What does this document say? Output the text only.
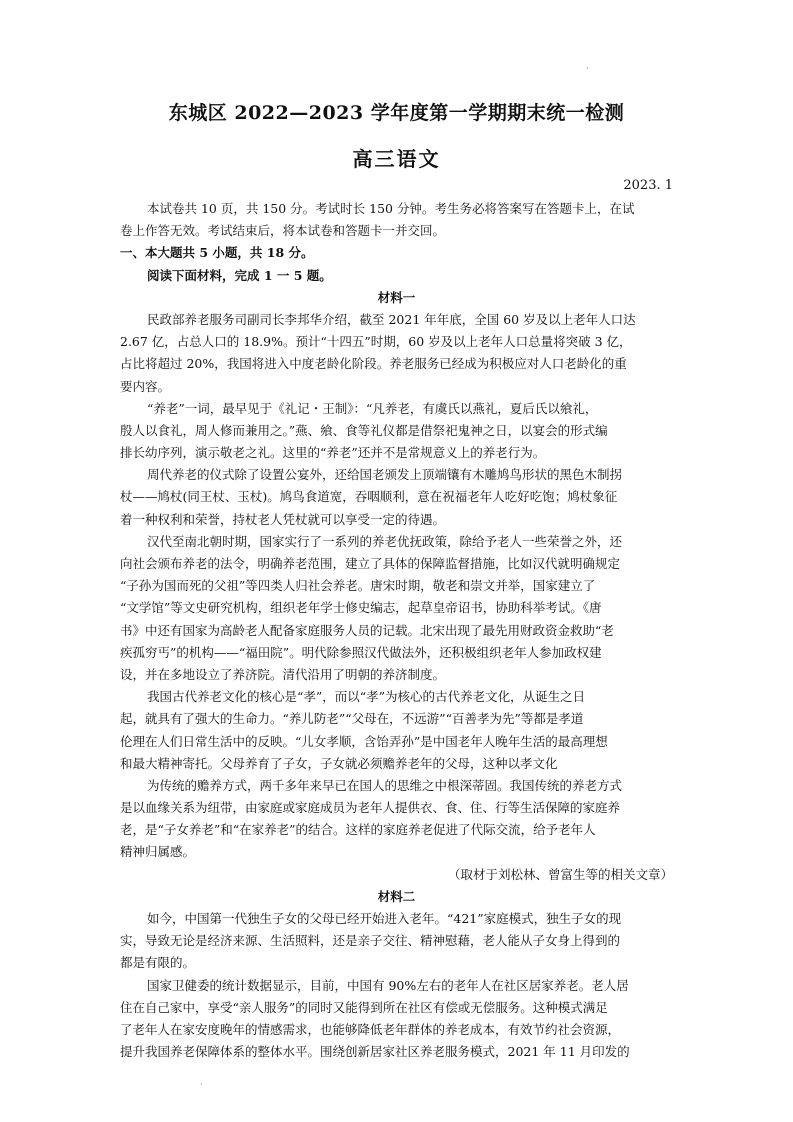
·
·
东城区 2022—2023 学年度第一学期期末统一检测
高三语文
2023. 1
本试卷共 10 页，共 150 分。考试时长 150 分钟。考生务必将答案写在答题卡上，在试
卷上作答无效。考试结束后，将本试卷和答题卡一并交回。
一、本大题共 5 小题，共 18 分。
阅读下面材料，完成 1 一 5 题。
材料一
民政部养老服务司副司长李邦华介绍，截至 2021 年年底，全国 60 岁及以上老年人口达
2.67 亿，占总人口的 18.9%。预计“十四五”时期，60 岁及以上老年人口总量将突破 3 亿，
占比将超过 20%，我国将进入中度老龄化阶段。养老服务已经成为积极应对人口老龄化的重
要内容。
“养老”一词，最早见于《礼记・王制》：“凡养老，有虞氏以燕礼，夏后氏以飨礼，
殷人以食礼，周人修而兼用之。”燕、飨、食等礼仪都是借祭祀鬼神之日，以宴会的形式编
排长幼序列，演示敬老之礼。这里的“养老”还并不是常规意义上的养老行为。
周代养老的仪式除了设置公宴外，还给国老颁发上顶端镶有木雕鸠鸟形状的黑色木制拐
杖——鸠杖(同王杖、玉杖)。鸠鸟食道宽，吞咽顺利，意在祝福老年人吃好吃饱；鸠杖象征
着一种权利和荣誉，持杖老人凭杖就可以享受一定的待遇。
汉代至南北朝时期，国家实行了一系列的养老优抚政策，除给予老人一些荣誉之外，还
向社会颁布养老的法令，明确养老范围，建立了具体的保障监督措施，比如汉代就明确规定
“子孙为国而死的父祖”等四类人归社会养老。唐宋时期，敬老和崇文并举，国家建立了
“文学馆”等文史研究机构，组织老年学士修史编志，起草皇帝诏书，协助科举考试。《唐
书》中还有国家为高龄老人配备家庭服务人员的记载。北宋出现了最先用财政资金救助“老
疾孤穷丐”的机构——“福田院”。明代除参照汉代做法外，还积极组织老年人参加政权建
设，并在多地设立了养济院。清代沿用了明朝的养济制度。
我国古代养老文化的核心是“孝”，而以“孝”为核心的古代养老文化，从诞生之日
起，就具有了强大的生命力。“养儿防老”“父母在，不远游”“百善孝为先”等都是孝道
伦理在人们日常生活中的反映。“儿女孝顺，含饴弄孙”是中国老年人晚年生活的最高理想
和最大精神寄托。父母养育了子女，子女就必须赡养老年的父母，这种以孝文化
为传统的赡养方式，两千多年来早已在国人的思维之中根深蒂固。我国传统的养老方式
是以血缘关系为纽带，由家庭或家庭成员为老年人提供衣、食、住、行等生活保障的家庭养
老，是“子女养老”和“在家养老”的结合。这样的家庭养老促进了代际交流，给予老年人
精神归属感。
（取材于刘松林、曾富生等的相关文章）
材料二
如今，中国第一代独生子女的父母已经开始进入老年。“421”家庭模式，独生子女的现
实，导致无论是经济来源、生活照料，还是亲子交往、精神慰藉，老人能从子女身上得到的
都是有限的。
国家卫健委的统计数据显示，目前，中国有 90%左右的老年人在社区居家养老。老人居
住在自己家中，享受“亲人服务”的同时又能得到所在社区有偿或无偿服务。这种模式满足
了老年人在家安度晚年的情感需求，也能够降低老年群体的养老成本，有效节约社会资源，
提升我国养老保障体系的整体水平。围绕创新居家社区养老服务模式，2021 年 11 月印发的
